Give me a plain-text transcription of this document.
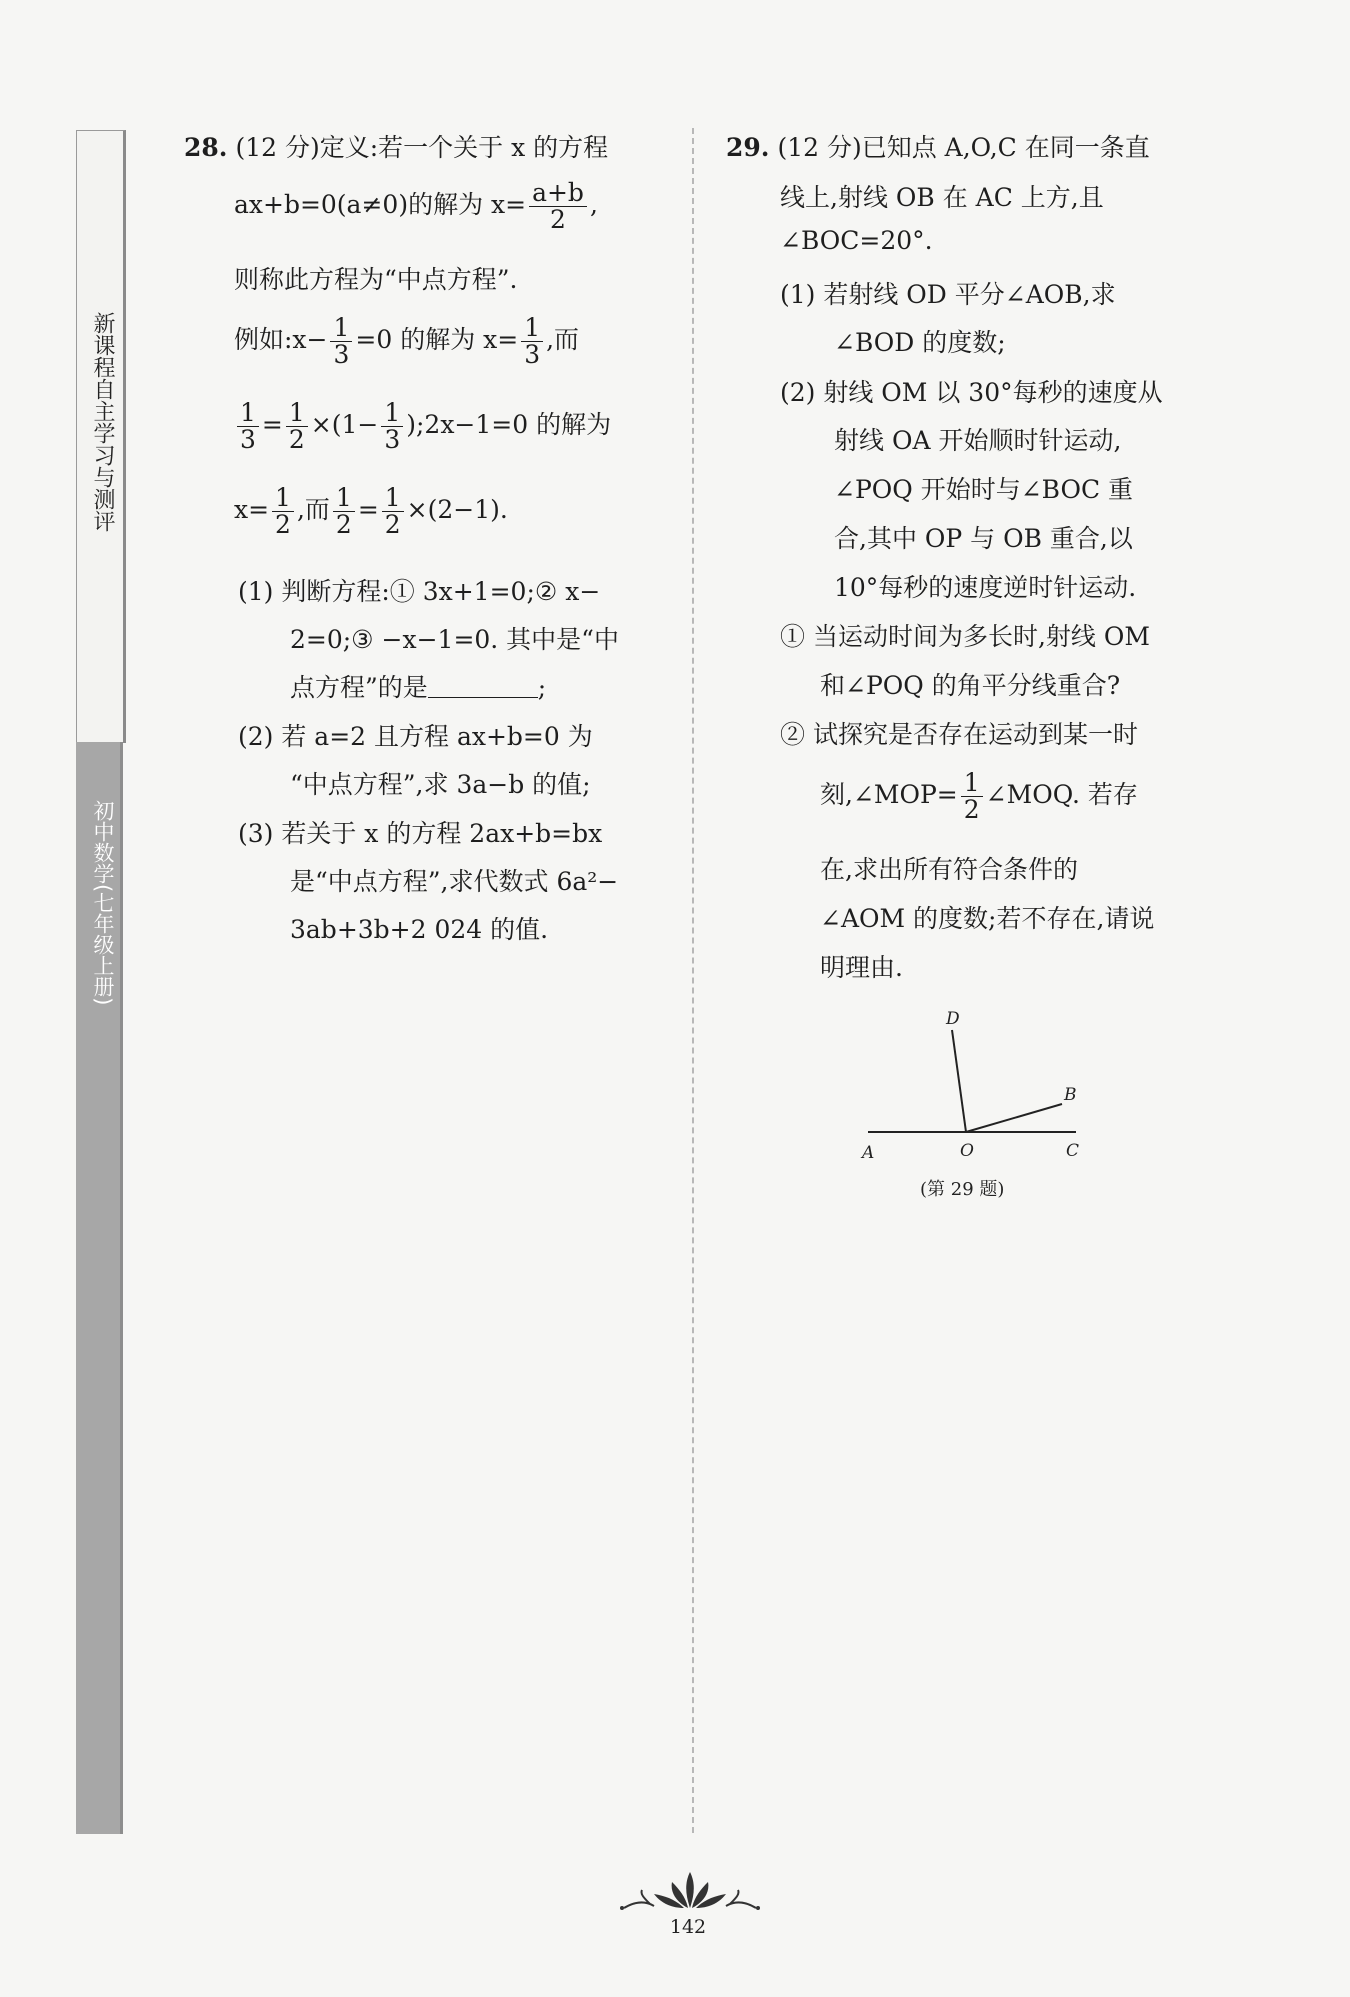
新课程自主学习与测评
初中数学(七年级上册)
28. (12 分)定义:若一个关于 x 的方程
ax+b=0(a≠0)的解为 $x= \frac{a+b}{2}$ ,
则称此方程为“中点方程”.
例如:x− $\frac{1}{3} =0$ 的解为 $x= \frac{1}{3}$ ,而
$\frac{1}{3} = \frac{1}{2} \times(1- \frac{1}{3}$ );2x−1=0 的解为
$x= \frac{1}{2}$ ,而 $\frac{1}{2} = \frac{1}{2} \times(2-1)$.
(1) 判断方程:① 3x+1=0;② x−
2=0;③ −x−1=0. 其中是“中
点方程”的是	;
(2) 若 a=2 且方程 ax+b=0 为
“中点方程”,求 3a−b 的值;
(3) 若关于 x 的方程 2ax+b=bx
是“中点方程”,求代数式 6a²−
3ab+3b+2 024 的值.
29. (12 分)已知点 A,O,C 在同一条直
线上,射线 OB 在 AC 上方,且
∠BOC=20°.
(1) 若射线 OD 平分∠AOB,求
∠BOD 的度数;
(2) 射线 OM 以 30°每秒的速度从
射线 OA 开始顺时针运动,
∠POQ 开始时与∠BOC 重
合,其中 OP 与 OB 重合,以
10°每秒的速度逆时针运动.
① 当运动时间为多长时,射线 OM
和∠POQ 的角平分线重合?
② 试探究是否存在运动到某一时
刻,∠MOP= $\frac{1}{2}$ ∠MOQ. 若存
在,求出所有符合条件的
∠AOM 的度数;若不存在,请说
明理由.
D
B
A	O	C
(第 29 题)
142
